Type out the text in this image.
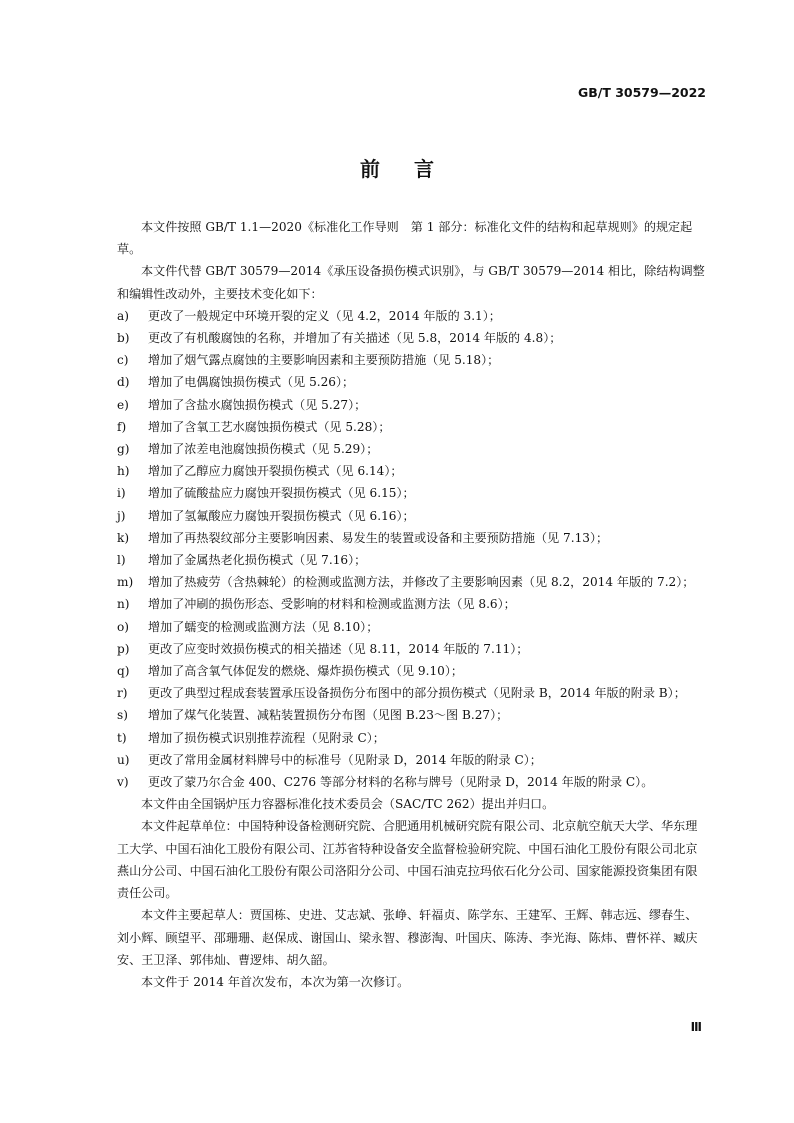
GB/T 30579—2022
前言

本文件按照 GB/T 1.1—2020《标准化工作导则　第 1 部分：标准化文件的结构和起草规则》的规定起草。

本文件代替 GB/T 30579—2014《承压设备损伤模式识别》，与 GB/T 30579—2014 相比，除结构调整和编辑性改动外，主要技术变化如下：

a) 更改了一般规定中环境开裂的定义（见 4.2，2014 年版的 3.1）；
b) 更改了有机酸腐蚀的名称，并增加了有关描述（见 5.8，2014 年版的 4.8）；
c) 增加了烟气露点腐蚀的主要影响因素和主要预防措施（见 5.18）；
d) 增加了电偶腐蚀损伤模式（见 5.26）；
e) 增加了含盐水腐蚀损伤模式（见 5.27）；
f) 增加了含氧工艺水腐蚀损伤模式（见 5.28）；
g) 增加了浓差电池腐蚀损伤模式（见 5.29）；
h) 增加了乙醇应力腐蚀开裂损伤模式（见 6.14）；
i) 增加了硫酸盐应力腐蚀开裂损伤模式（见 6.15）；
j) 增加了氢氟酸应力腐蚀开裂损伤模式（见 6.16）；
k) 增加了再热裂纹部分主要影响因素、易发生的装置或设备和主要预防措施（见 7.13）；
l) 增加了金属热老化损伤模式（见 7.16）；
m) 增加了热疲劳（含热棘轮）的检测或监测方法，并修改了主要影响因素（见 8.2，2014 年版的 7.2）；
n) 增加了冲刷的损伤形态、受影响的材料和检测或监测方法（见 8.6）；
o) 增加了蠕变的检测或监测方法（见 8.10）；
p) 更改了应变时效损伤模式的相关描述（见 8.11，2014 年版的 7.11）；
q) 增加了高含氧气体促发的燃烧、爆炸损伤模式（见 9.10）；
r) 更改了典型过程成套装置承压设备损伤分布图中的部分损伤模式（见附录 B，2014 年版的附录 B）；
s) 增加了煤气化装置、减粘装置损伤分布图（见图 B.23～图 B.27）；
t) 增加了损伤模式识别推荐流程（见附录 C）；
u) 更改了常用金属材料牌号中的标准号（见附录 D，2014 年版的附录 C）；
v) 更改了蒙乃尔合金 400、C276 等部分材料的名称与牌号（见附录 D，2014 年版的附录 C）。

本文件由全国锅炉压力容器标准化技术委员会（SAC/TC 262）提出并归口。

本文件起草单位：中国特种设备检测研究院、合肥通用机械研究院有限公司、北京航空航天大学、华东理工大学、中国石油化工股份有限公司、江苏省特种设备安全监督检验研究院、中国石油化工股份有限公司北京燕山分公司、中国石油化工股份有限公司洛阳分公司、中国石油克拉玛依石化分公司、国家能源投资集团有限责任公司。

本文件主要起草人：贾国栋、史进、艾志斌、张峥、轩福贞、陈学东、王建军、王辉、韩志远、缪春生、刘小辉、顾望平、邵珊珊、赵保成、谢国山、梁永智、穆澎淘、叶国庆、陈涛、李光海、陈炜、曹怀祥、臧庆安、王卫泽、郭伟灿、曹逻炜、胡久韶。

本文件于 2014 年首次发布，本次为第一次修订。

Ⅲ
